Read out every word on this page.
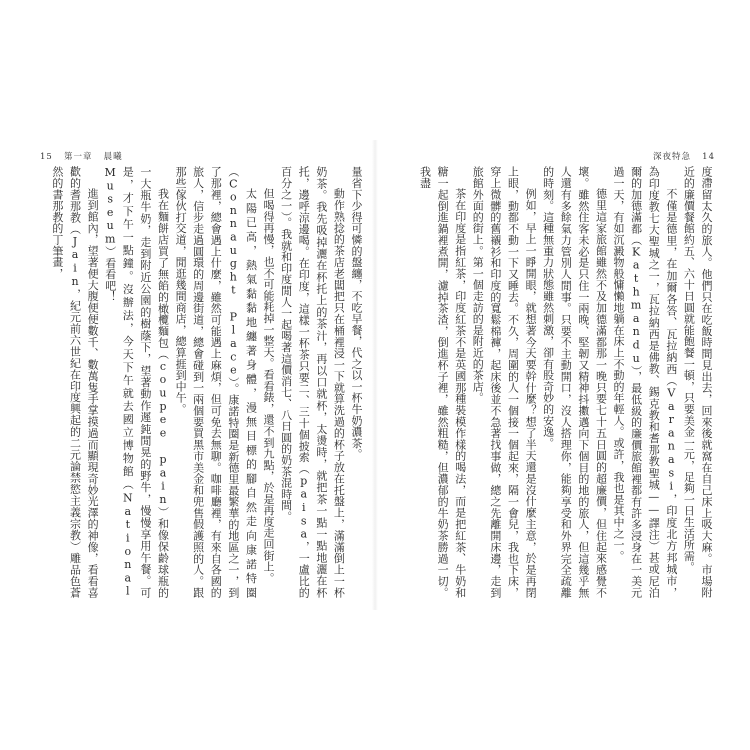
15 第一章 晨曦

量省下少得可憐的盤纏，不吃早餐，代之以一杯牛奶濃茶。

動作熟捻的茶店老闆把只在桶裡浸一下就算洗過的杯子放在托盤上，滿滿倒上一杯奶茶。我先吸掉灑在杯托上的茶汁，再以口就杯，太燙時，就把茶一點一點地灑在杯托，邊呼涼邊喝。在印度，這樣一杯茶只要二、三十個披索（paisa，一盧比的百分之一）。我就和印度閒人一起喝著這價消七、八日圓的奶茶混時間。

但喝得再慢，也不可能耗掉一整天。看看錶，還不到九點，於是再度走回街上。

太陽已高，熱氣黏黏地纏著身體，漫無目標的腳自然走向康諾特圈（Connaught Place）。康諾特圈是新德里最繁華的地區之一，到了那裡，總會遇上什麼，雖然可能遇上麻煩，但可免去無聊。咖啡廳裡，有來自各國的旅人，信步走過圓環的周邊街道，總會碰到一兩個要買黑市美金和兜售假護照的人。跟那些傢伙打交道，閒逛幾間商店，總算捱到中午。

我在麵餅店買了無餡的橄欖麵包（coupee pain）和像保齡球瓶的一大瓶牛奶，走到附近公園的樹蔭下，望著動作遲鈍閒晃的野牛，慢慢享用午餐。可是，才下午一點鐘。沒辦法，今天下午就去國立博物館（National Museum）看看吧！

進到館內，望著便大腹便便數千、數萬隻手掌摸過而顯現奇妙光澤的神像，看看喜歡的耆那教（Jain，紀元前六世紀在印度興起的二元論禁慾主義宗教）雕品色蒼然的書那教的丁筆畫，

深夜特急 14

度滯留太久的旅人。他們只在吃飯時間見出去，回來後就窩在自己床上吸大麻。市場附近的廉價餐館約五、六十日圓就能飽餐一頓，只要美金一元，足夠一日生活所需。

不僅是德里，在加爾各答、瓦拉納西（Varanasi，印度北方邦城市，為印度教七大聖城之一，瓦拉納西是佛教、錫克教和耆那教聖城——譯注）甚或尼泊爾的加德滿都（Kathmandu），最低級的廉價旅館裡都有許多浸身在一美元過一天，有如沉澱物般慵懶地躺在床上不動的年輕人。或許，我也是其中之一。

德里這家旅館雖然不及加德滿都那一晚只要七十五日圓的超廉價，但住起來感覺不壞。雖然住客未必是只住一兩晚、堅韌又精神抖擻邁向下個目的地的旅人，但這幾乎無人還有多餘氣力管別人閒事。只要不主動開口，沒人搭理你，能夠享受和外界完全疏離的時刻。這種無重力狀態雖然刺激，卻有股奇妙的安逸。

例如，早上一睜開眼，就想著今天要幹什麼？想了半天還是沒什麼主意，於是再閉上眼，動都不動一下又睡去。不久，周圍的人一個接一個起來，隔一會兒，我也下床，穿上微髒的舊襯衫和印度的寬鬆棉褲，起床後並不急著找事做，總之先離開床邊，走到旅館外面的街上。第一個走訪的是附近的茶店。

茶在印度是指紅茶，印度紅茶不是英國那種裝模作樣的喝法，而是把紅茶、牛奶和糖一起倒進鍋裡煮開，濾掉茶渣，倒進杯子裡，雖然粗糙，但濃郁的牛奶茶勝過一切。我盡
